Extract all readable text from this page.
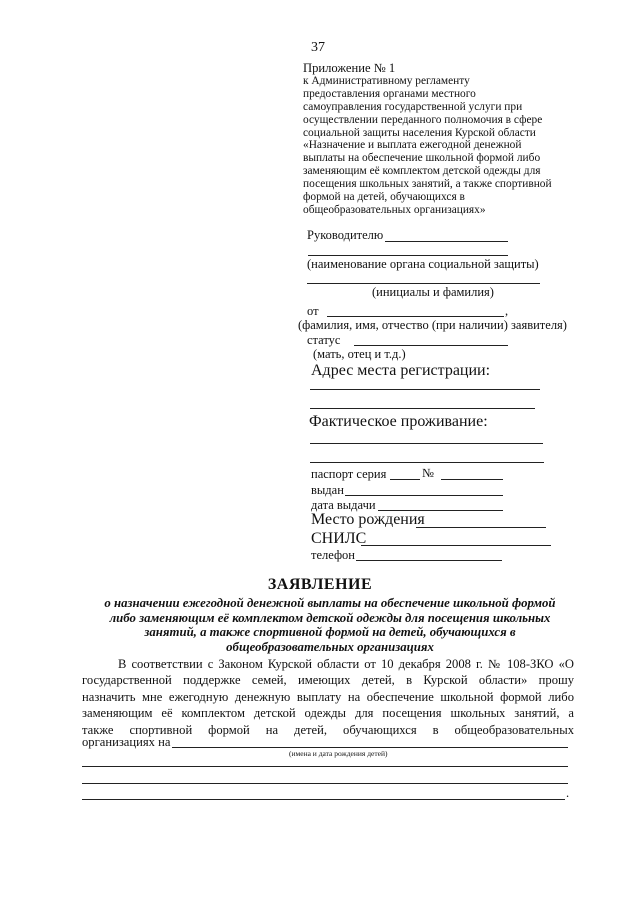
37
Приложение № 1
к Административному регламенту
предоставления органами местного
самоуправления государственной услуги при
осуществлении переданного полномочия в сфере
социальной защиты населения Курской области
«Назначение и выплата ежегодной денежной
выплаты на обеспечение школьной формой либо
заменяющим её комплектом детской одежды для
посещения школьных занятий, а также спортивной
формой на детей, обучающихся в
общеобразовательных организациях»
Руководителю
(наименование органа социальной защиты)
(инициалы и фамилия)
от	,
(фамилия, имя, отчество (при наличии) заявителя)
статус
(мать, отец и т.д.)
Адрес места регистрации:
Фактическое проживание:
паспорт серия	№
выдан
дата выдачи
Место рождения
СНИЛС
телефон
ЗАЯВЛЕНИЕ
о назначении ежегодной денежной выплаты на обеспечение школьной формой
либо заменяющим её комплектом детской одежды для посещения школьных
занятий, а также спортивной формой на детей, обучающихся в
общеобразовательных организациях
В соответствии с Законом Курской области от 10 декабря 2008 г. № 108-ЗКО «О
государственной поддержке семей, имеющих детей, в Курской области» прошу
назначить мне ежегодную денежную выплату на обеспечение школьной формой либо
заменяющим её комплектом детской одежды для посещения школьных занятий, а
также спортивной формой на детей, обучающихся в общеобразовательных
организациях на
(имена и дата рождения детей)
.
